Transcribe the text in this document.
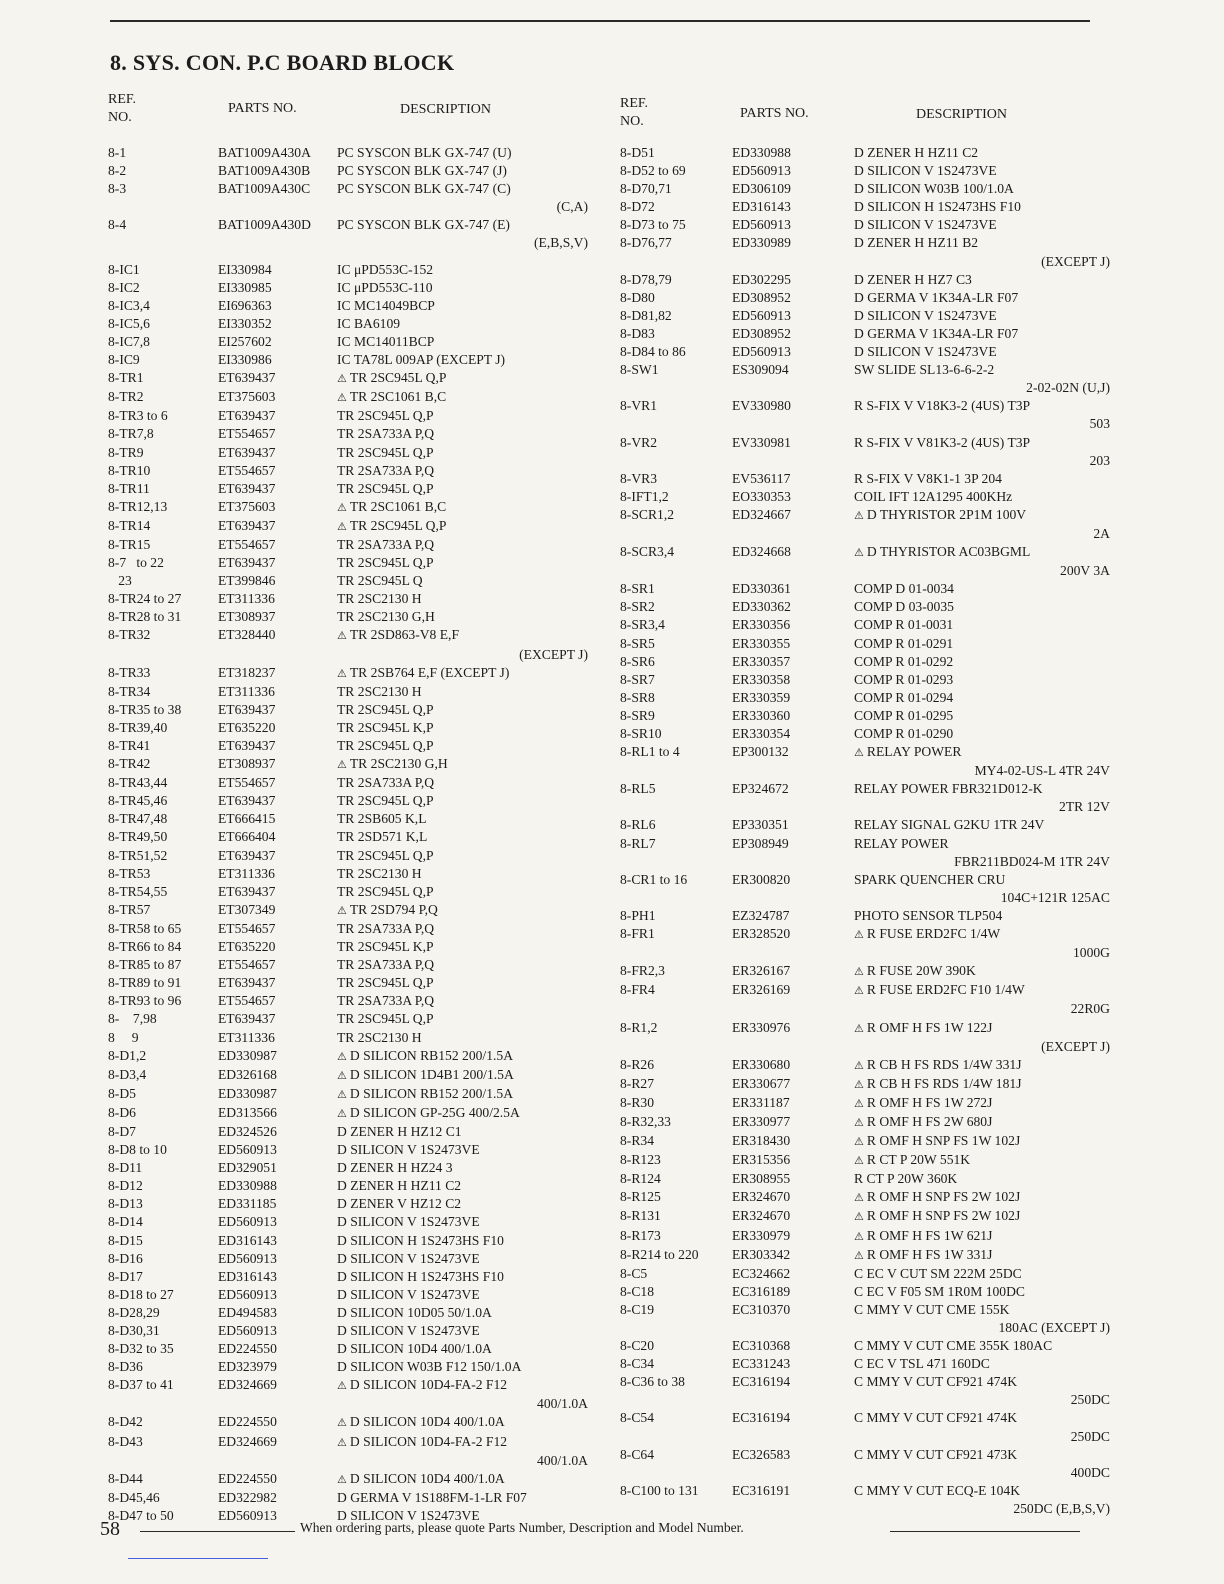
8. SYS. CON. P.C BOARD BLOCK
REF.
NO.
PARTS NO.	DESCRIPTION
8-1	BAT1009A430A	PC SYSCON BLK GX-747 (U)
8-2	BAT1009A430B	PC SYSCON BLK GX-747 (J)
8-3	BAT1009A430C	PC SYSCON BLK GX-747 (C)
(C,A)
8-4	BAT1009A430D	PC SYSCON BLK GX-747 (E)
(E,B,S,V)
8-IC1	EI330984	IC μPD553C-152
8-IC2	EI330985	IC μPD553C-110
8-IC3,4	EI696363	IC MC14049BCP
8-IC5,6	EI330352	IC BA6109
8-IC7,8	EI257602	IC MC14011BCP
8-IC9	EI330986	IC TA78L 009AP (EXCEPT J)
8-TR1	ET639437	⚠ TR 2SC945L Q,P
8-TR2	ET375603	⚠ TR 2SC1061 B,C
8-TR3 to 6	ET639437	TR 2SC945L Q,P
8-TR7,8	ET554657	TR 2SA733A P,Q
8-TR9	ET639437	TR 2SC945L Q,P
8-TR10	ET554657	TR 2SA733A P,Q
8-TR11	ET639437	TR 2SC945L Q,P
8-TR12,13	ET375603	⚠ TR 2SC1061 B,C
8-TR14	ET639437	⚠ TR 2SC945L Q,P
8-TR15	ET554657	TR 2SA733A P,Q
8-7   to 22	ET639437	TR 2SC945L Q,P
23	ET399846	TR 2SC945L Q
8-TR24 to 27	ET311336	TR 2SC2130 H
8-TR28 to 31	ET308937	TR 2SC2130 G,H
8-TR32	ET328440	⚠ TR 2SD863-V8 E,F
(EXCEPT J)
8-TR33	ET318237	⚠ TR 2SB764 E,F (EXCEPT J)
8-TR34	ET311336	TR 2SC2130 H
8-TR35 to 38	ET639437	TR 2SC945L Q,P
8-TR39,40	ET635220	TR 2SC945L K,P
8-TR41	ET639437	TR 2SC945L Q,P
8-TR42	ET308937	⚠ TR 2SC2130 G,H
8-TR43,44	ET554657	TR 2SA733A P,Q
8-TR45,46	ET639437	TR 2SC945L Q,P
8-TR47,48	ET666415	TR 2SB605 K,L
8-TR49,50	ET666404	TR 2SD571 K,L
8-TR51,52	ET639437	TR 2SC945L Q,P
8-TR53	ET311336	TR 2SC2130 H
8-TR54,55	ET639437	TR 2SC945L Q,P
8-TR57	ET307349	⚠ TR 2SD794 P,Q
8-TR58 to 65	ET554657	TR 2SA733A P,Q
8-TR66 to 84	ET635220	TR 2SC945L K,P
8-TR85 to 87	ET554657	TR 2SA733A P,Q
8-TR89 to 91	ET639437	TR 2SC945L Q,P
8-TR93 to 96	ET554657	TR 2SA733A P,Q
8-    7,98	ET639437	TR 2SC945L Q,P
8     9	ET311336	TR 2SC2130 H
8-D1,2	ED330987	⚠ D SILICON RB152 200/1.5A
8-D3,4	ED326168	⚠ D SILICON 1D4B1 200/1.5A
8-D5	ED330987	⚠ D SILICON RB152 200/1.5A
8-D6	ED313566	⚠ D SILICON GP-25G 400/2.5A
8-D7	ED324526	D ZENER H HZ12 C1
8-D8 to 10	ED560913	D SILICON V 1S2473VE
8-D11	ED329051	D ZENER H HZ24 3
8-D12	ED330988	D ZENER H HZ11 C2
8-D13	ED331185	D ZENER V HZ12 C2
8-D14	ED560913	D SILICON V 1S2473VE
8-D15	ED316143	D SILICON H 1S2473HS F10
8-D16	ED560913	D SILICON V 1S2473VE
8-D17	ED316143	D SILICON H 1S2473HS F10
8-D18 to 27	ED560913	D SILICON V 1S2473VE
8-D28,29	ED494583	D SILICON 10D05 50/1.0A
8-D30,31	ED560913	D SILICON V 1S2473VE
8-D32 to 35	ED224550	D SILICON 10D4 400/1.0A
8-D36	ED323979	D SILICON W03B F12 150/1.0A
8-D37 to 41	ED324669	⚠ D SILICON 10D4-FA-2 F12
400/1.0A
8-D42	ED224550	⚠ D SILICON 10D4 400/1.0A
8-D43	ED324669	⚠ D SILICON 10D4-FA-2 F12
400/1.0A
8-D44	ED224550	⚠ D SILICON 10D4 400/1.0A
8-D45,46	ED322982	D GERMA V 1S188FM-1-LR F07
8-D47 to 50	ED560913	D SILICON V 1S2473VE
REF.
NO.
PARTS NO.	DESCRIPTION
8-D51	ED330988	D ZENER H HZ11 C2
8-D52 to 69	ED560913	D SILICON V 1S2473VE
8-D70,71	ED306109	D SILICON W03B 100/1.0A
8-D72	ED316143	D SILICON H 1S2473HS F10
8-D73 to 75	ED560913	D SILICON V 1S2473VE
8-D76,77	ED330989	D ZENER H HZ11 B2
(EXCEPT J)
8-D78,79	ED302295	D ZENER H HZ7 C3
8-D80	ED308952	D GERMA V 1K34A-LR F07
8-D81,82	ED560913	D SILICON V 1S2473VE
8-D83	ED308952	D GERMA V 1K34A-LR F07
8-D84 to 86	ED560913	D SILICON V 1S2473VE
8-SW1	ES309094	SW SLIDE SL13-6-6-2-2
2-02-02N (U,J)
8-VR1	EV330980	R S-FIX V V18K3-2 (4US) T3P
503
8-VR2	EV330981	R S-FIX V V81K3-2 (4US) T3P
203
8-VR3	EV536117	R S-FIX V V8K1-1 3P 204
8-IFT1,2	EO330353	COIL IFT 12A1295 400KHz
8-SCR1,2	ED324667	⚠ D THYRISTOR 2P1M 100V
2A
8-SCR3,4	ED324668	⚠ D THYRISTOR AC03BGML
200V 3A
8-SR1	ED330361	COMP D 01-0034
8-SR2	ED330362	COMP D 03-0035
8-SR3,4	ER330356	COMP R 01-0031
8-SR5	ER330355	COMP R 01-0291
8-SR6	ER330357	COMP R 01-0292
8-SR7	ER330358	COMP R 01-0293
8-SR8	ER330359	COMP R 01-0294
8-SR9	ER330360	COMP R 01-0295
8-SR10	ER330354	COMP R 01-0290
8-RL1 to 4	EP300132	⚠ RELAY POWER
MY4-02-US-L 4TR 24V
8-RL5	EP324672	RELAY POWER FBR321D012-K
2TR 12V
8-RL6	EP330351	RELAY SIGNAL G2KU 1TR 24V
8-RL7	EP308949	RELAY POWER
FBR211BD024-M 1TR 24V
8-CR1 to 16	ER300820	SPARK QUENCHER CRU
104C+121R 125AC
8-PH1	EZ324787	PHOTO SENSOR TLP504
8-FR1	ER328520	⚠ R FUSE ERD2FC 1/4W
1000G
8-FR2,3	ER326167	⚠ R FUSE 20W 390K
8-FR4	ER326169	⚠ R FUSE ERD2FC F10 1/4W
22R0G
8-R1,2	ER330976	⚠ R OMF H FS 1W 122J
(EXCEPT J)
8-R26	ER330680	⚠ R CB H FS RDS 1/4W 331J
8-R27	ER330677	⚠ R CB H FS RDS 1/4W 181J
8-R30	ER331187	⚠ R OMF H FS 1W 272J
8-R32,33	ER330977	⚠ R OMF H FS 2W 680J
8-R34	ER318430	⚠ R OMF H SNP FS 1W 102J
8-R123	ER315356	⚠ R CT P 20W 551K
8-R124	ER308955	R CT P 20W 360K
8-R125	ER324670	⚠ R OMF H SNP FS 2W 102J
8-R131	ER324670	⚠ R OMF H SNP FS 2W 102J
8-R173	ER330979	⚠ R OMF H FS 1W 621J
8-R214 to 220	ER303342	⚠ R OMF H FS 1W 331J
8-C5	EC324662	C EC V CUT SM 222M 25DC
8-C18	EC316189	C EC V F05 SM 1R0M 100DC
8-C19	EC310370	C MMY V CUT CME 155K
180AC (EXCEPT J)
8-C20	EC310368	C MMY V CUT CME 355K 180AC
8-C34	EC331243	C EC V TSL 471 160DC
8-C36 to 38	EC316194	C MMY V CUT CF921 474K
250DC
8-C54	EC316194	C MMY V CUT CF921 474K
250DC
8-C64	EC326583	C MMY V CUT CF921 473K
400DC
8-C100 to 131	EC316191	C MMY V CUT ECQ-E 104K
250DC (E,B,S,V)
58	When ordering parts, please quote Parts Number, Description and Model Number.
